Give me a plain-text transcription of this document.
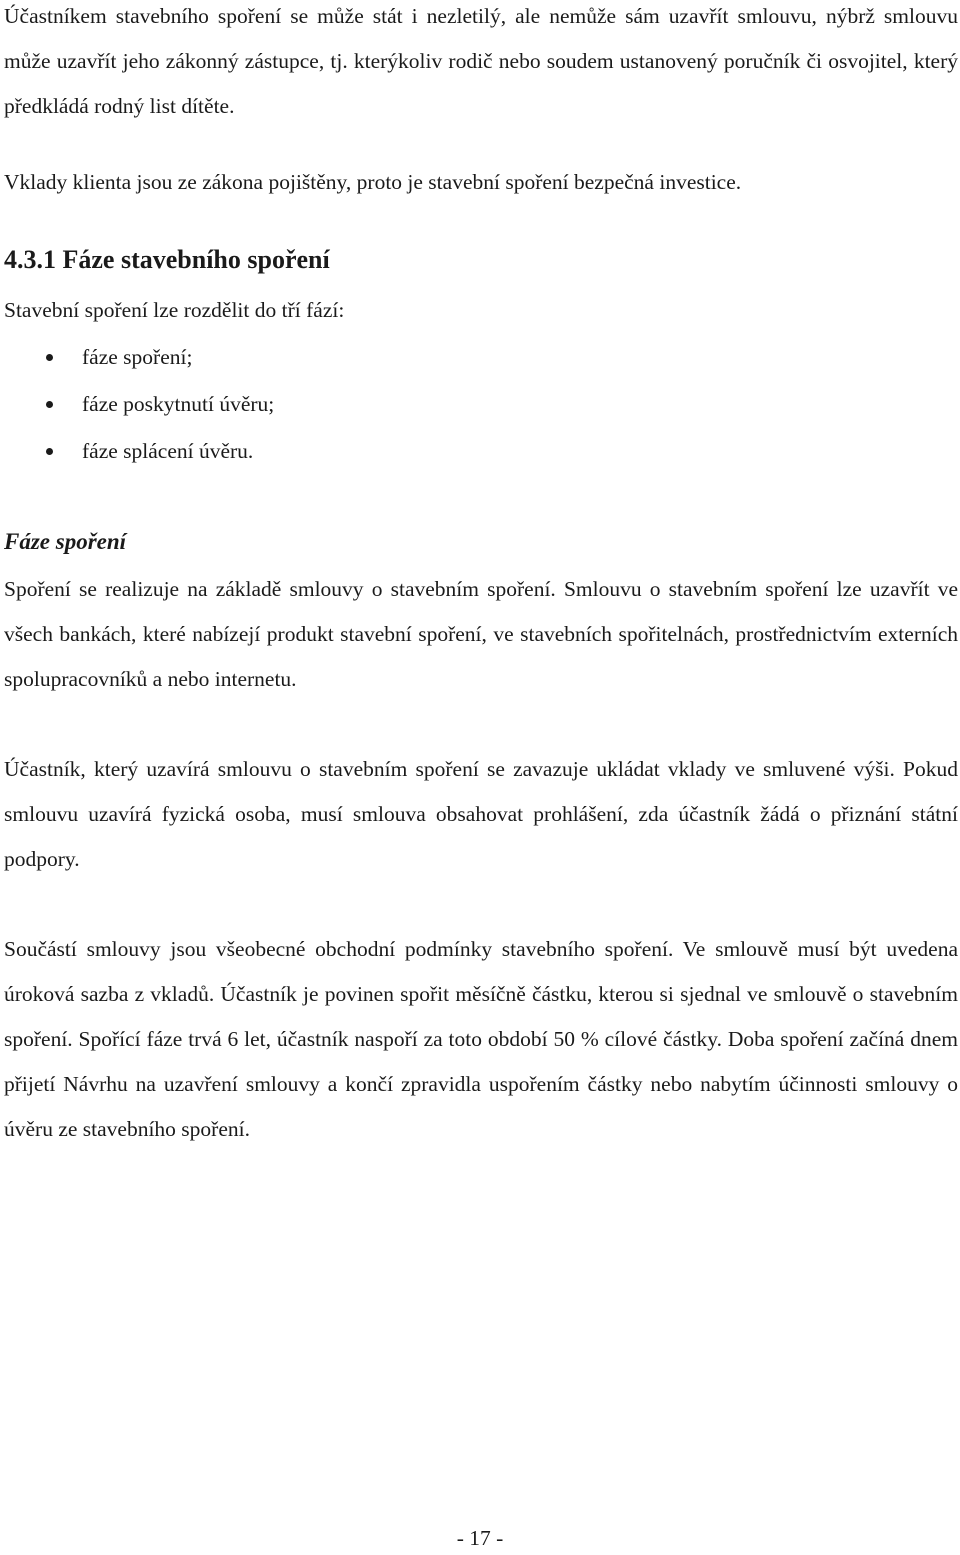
Účastníkem stavebního spoření se může stát i nezletilý, ale nemůže sám uzavřít smlouvu, nýbrž smlouvu může uzavřít jeho zákonný zástupce, tj. kterýkoliv rodič nebo soudem ustanovený poručník či osvojitel, který předkládá rodný list dítěte.

Vklady klienta jsou ze zákona pojištěny, proto je stavební spoření bezpečná investice.

4.3.1 Fáze stavebního spoření

Stavební spoření lze rozdělit do tří fází:

fáze spoření;
fáze poskytnutí úvěru;
fáze splácení úvěru.
Fáze spoření

Spoření se realizuje na základě smlouvy o stavebním spoření. Smlouvu o stavebním spoření lze uzavřít ve všech bankách, které nabízejí produkt stavební spoření, ve stavebních spořitelnách, prostřednictvím externích spolupracovníků a nebo internetu.

Účastník, který uzavírá smlouvu o stavebním spoření se zavazuje ukládat vklady ve smluvené výši. Pokud smlouvu uzavírá fyzická osoba, musí smlouva obsahovat prohlášení, zda účastník žádá o přiznání státní podpory.

Součástí smlouvy jsou všeobecné obchodní podmínky stavebního spoření. Ve smlouvě musí být uvedena úroková sazba z vkladů. Účastník je povinen spořit měsíčně částku, kterou si sjednal ve smlouvě o stavebním spoření. Spořící fáze trvá 6 let, účastník naspoří za toto období 50 % cílové částky. Doba spoření začíná dnem přijetí Návrhu na uzavření smlouvy a končí zpravidla uspořením částky nebo nabytím účinnosti smlouvy o úvěru ze stavebního spoření.

- 17 -
